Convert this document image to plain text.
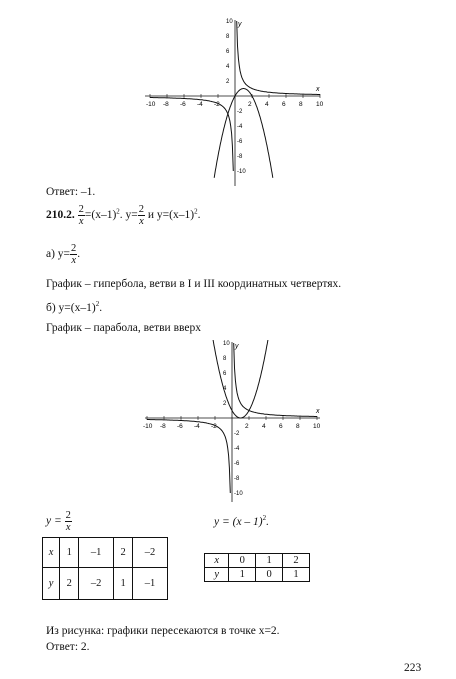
-10 -8 -6 -4 -2	2 4 6 8 10
10
8
6
4
2
-2
-4
-6
-8
-10
x
y
Ответ: –1.
210.2. $\frac{2}{x} =(x-1)^2$. $y= \frac{2}{x}$ и $y=(x-1)^2$.
а) $y= \frac{2}{x}$ .
График – гипербола, ветви в I и III координатных четвертях.
б) $y=(x-1)^2$.
График – парабола, ветви вверх
-10 -8 -6 -4 -2	2 4 6 8 10
10
8
6
4
2
-2
-4
-6
-8
-10
x
y
$y = \frac{2}{x}$
x	1	–1	2	–2
y	2	–2	1	–1
y = (x – 1)$^2$.
x	0	1	2
y	1	0	1
Из рисунка: графики пересекаются в точке x=2.
Ответ: 2.
223
